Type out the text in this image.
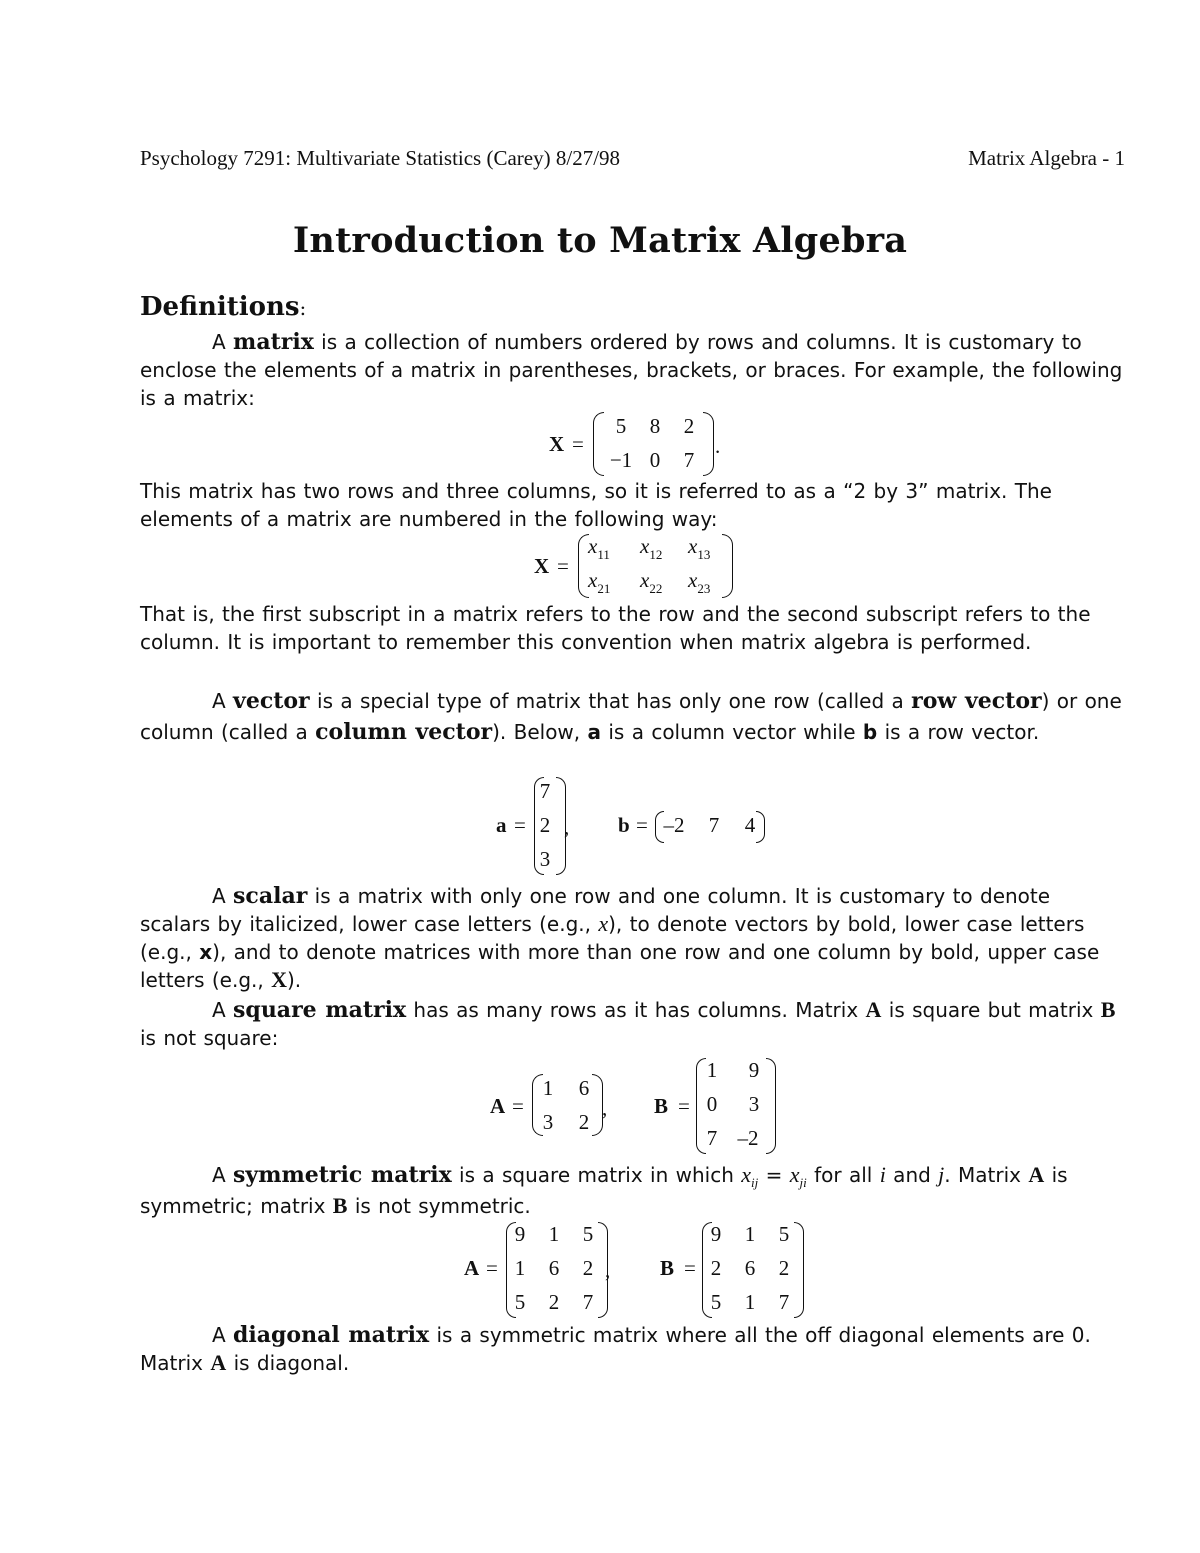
Psychology 7291: Multivariate Statistics (Carey) 8/27/98	Matrix Algebra - 1
Introduction to Matrix Algebra
Definitions:
A matrix is a collection of numbers ordered by rows and columns. It is customary to enclose the elements of a matrix in parentheses, brackets, or braces. For example, the following is a matrix:
X =
5	8	2
−1 0	7
.
This matrix has two rows and three columns, so it is referred to as a “2 by 3” matrix. The elements of a matrix are numbered in the following way:
X =
$x_{11}$ $x_{12}$ $x_{13}$
$x_{21}$ $x_{22}$ $x_{23}$
That is, the first subscript in a matrix refers to the row and the second subscript refers to the column. It is important to remember this convention when matrix algebra is performed.
A vector is a special type of matrix that has only one row (called a row vector) or one column (called a column vector). Below, a is a column vector while b is a row vector.
a =
7
2
3
, b = –2	7	4
A scalar is a matrix with only one row and one column. It is customary to denote scalars by italicized, lower case letters (e.g., x), to denote vectors by bold, lower case letters (e.g., x), and to denote matrices with more than one row and one column by bold, upper case letters (e.g., X).
A square matrix has as many rows as it has columns. Matrix A is square but matrix B is not square:
A =
1	6
3	2
, B =
1	9
0	3
7 –2
A symmetric matrix is a square matrix in which $x_{ij} = x_{ji}$ for all i and j. Matrix A is symmetric; matrix B is not symmetric.
A =
9	1	5
1	6	2
5	2	7
, B =
9	1	5
2	6	2
5	1	7
A diagonal matrix is a symmetric matrix where all the off diagonal elements are 0. Matrix A is diagonal.
